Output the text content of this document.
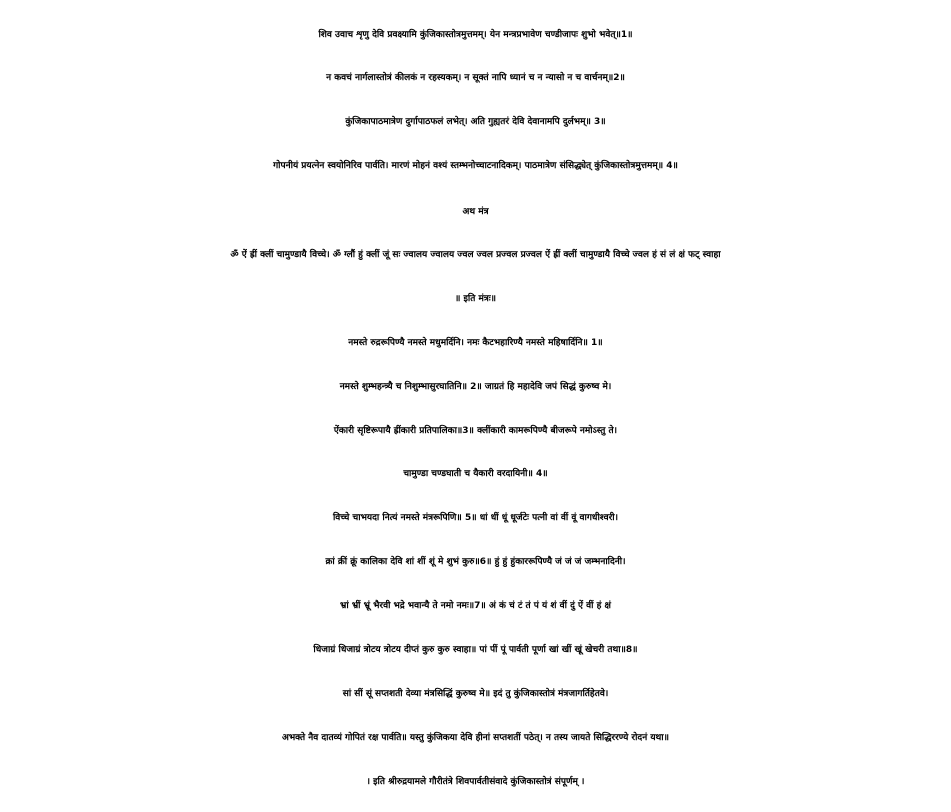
शिव उवाच शृणु देवि प्रवक्ष्यामि कुंजिकास्तोत्रमुत्तमम्। येन मन्त्रप्रभावेण चण्डीजापः शुभो भवेत्॥1॥

न कवचं नार्गलास्तोत्रं कीलकं न रहस्यकम्। न सूक्तं नापि ध्यानं च न न्यासो न च वार्चनम्॥2॥

कुंजिकापाठमात्रेण दुर्गापाठफलं लभेत्। अति गुह्यतरं देवि देवानामपि दुर्लभम्॥ 3॥

गोपनीयं प्रयत्नेन स्वयोनिरिव पार्वति। मारणं मोहनं वश्यं स्तम्भनोच्चाटनादिकम्। पाठमात्रेण संसिद्ध्येत् कुंजिकास्तोत्रमुत्तमम्॥ 4॥

अथ मंत्र

ॐ ऐं ह्रीं क्लीं चामुण्डायै विच्चे। ॐ ग्लौं हुं क्लीं जूं सः ज्वालय ज्वालय ज्वल ज्वल प्रज्वल प्रज्वल ऐं ह्रीं क्लीं चामुण्डायै विच्चे ज्वल हं सं लं क्षं फट् स्वाहा

॥ इति मंत्रः॥

नमस्ते रुद्ररूपिण्यै नमस्ते मधुमर्दिनि। नमः कैटभहारिण्यै नमस्ते महिषार्दिनि॥ 1॥

नमस्ते शुम्भहन्त्र्यै च निशुम्भासुरघातिनि॥ 2॥ जाग्रतं हि महादेवि जपं सिद्धं कुरुष्व मे।

ऐंकारी सृष्टिरूपायै ह्रींकारी प्रतिपालिका॥3॥ क्लींकारी कामरूपिण्यै बीजरूपे नमोऽस्तु ते।

चामुण्डा चण्डघाती च यैकारी वरदायिनी॥ 4॥

विच्चे चाभयदा नित्यं नमस्ते मंत्ररूपिणि॥ 5॥ धां धीं धूं धूर्जटेः पत्नी वां वीं वूं वागधीश्वरी।

क्रां क्रीं क्रूं कालिका देवि शां शीं शूं मे शुभं कुरु॥6॥ हुं हुं हुंकाररूपिण्यै जं जं जं जम्भनादिनी।

भ्रां भ्रीं भ्रूं भैरवी भद्रे भवान्यै ते नमो नमः॥7॥ अं कं चं टं तं पं यं शं वीं दुं ऐं वीं हं क्षं

धिजाग्रं धिजाग्रं त्रोटय त्रोटय दीप्तं कुरु कुरु स्वाहा॥ पां पीं पूं पार्वती पूर्णा खां खीं खूं खेचरी तथा॥8॥

सां सीं सूं सप्तशती देव्या मंत्रसिद्धिं कुरुष्व मे॥ इदं तु कुंजिकास्तोत्रं मंत्रजागर्तिहेतवे।

अभक्ते नैव दातव्यं गोपितं रक्ष पार्वति॥ यस्तु कुंजिकया देवि हीनां सप्तशतीं पठेत्। न तस्य जायते सिद्धिररण्ये रोदनं यथा॥

। इति श्रीरुद्रयामले गौरीतंत्रे शिवपार्वतीसंवादे कुंजिकास्तोत्रं संपूर्णम् ।
